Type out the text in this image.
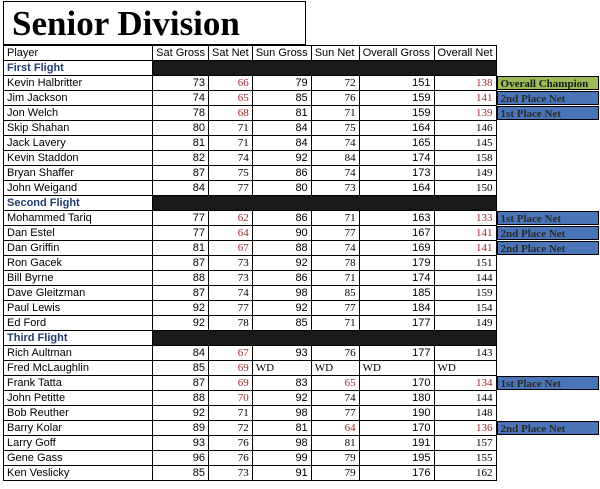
Senior Division
Player	Sat Gross	Sat Net	Sun Gross	Sun Net	Overall Gross	Overall Net	
First Flight							
Kevin Halbritter	73	66	79	72	151	138	Overall Champion

Jim Jackson	74	65	85	76	159	141	2nd Place Net

Jon Welch	78	68	81	71	159	139	1st Place Net

Skip Shahan	80	71	84	75	164	146	
Jack Lavery	81	71	84	74	165	145	
Kevin Staddon	82	74	92	84	174	158	
Bryan Shaffer	87	75	86	74	173	149	
John Weigand	84	77	80	73	164	150	
Second Flight							
Mohammed Tariq	77	62	86	71	163	133	1st Place Net

Dan Estel	77	64	90	77	167	141	2nd Place Net

Dan Griffin	81	67	88	74	169	141	2nd Place Net

Ron Gacek	87	73	92	78	179	151	
Bill Byrne	88	73	86	71	174	144	
Dave Gleitzman	87	74	98	85	185	159	
Paul Lewis	92	77	92	77	184	154	
Ed Ford	92	78	85	71	177	149	
Third Flight							
Rich Aultman	84	67	93	76	177	143	
Fred McLaughlin	85	69	WD	WD	WD	WD	
Frank Tatta	87	69	83	65	170	134	1st Place Net

John Petitte	88	70	92	74	180	144	
Bob Reuther	92	71	98	77	190	148	
Barry Kolar	89	72	81	64	170	136	2nd Place Net

Larry Goff	93	76	98	81	191	157	
Gene Gass	96	76	99	79	195	155	
Ken Veslicky	85	73	91	79	176	162	
